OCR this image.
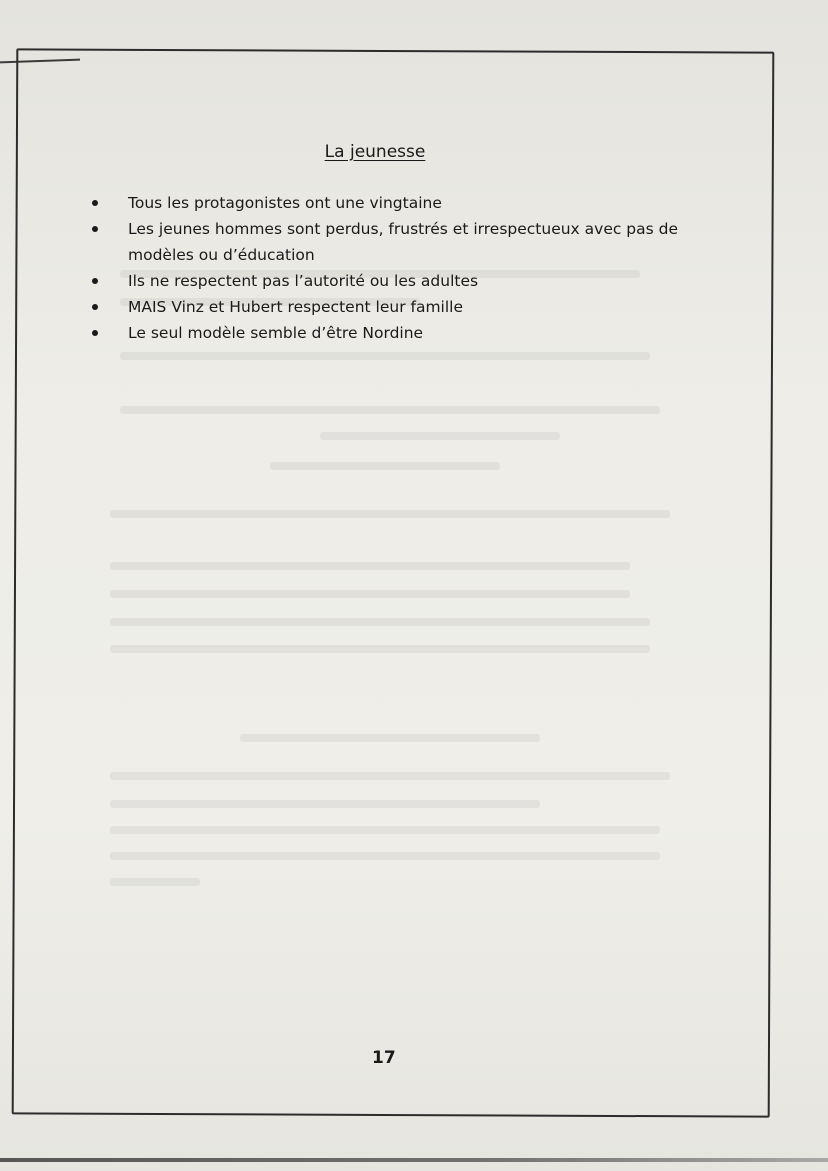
La jeunesse
Tous les protagonistes ont une vingtaine
Les jeunes hommes sont perdus, frustrés et irrespectueux avec pas de modèles ou d’éducation
Ils ne respectent pas l’autorité ou les adultes
MAIS Vinz et Hubert respectent leur famille
Le seul modèle semble d’être Nordine
17
